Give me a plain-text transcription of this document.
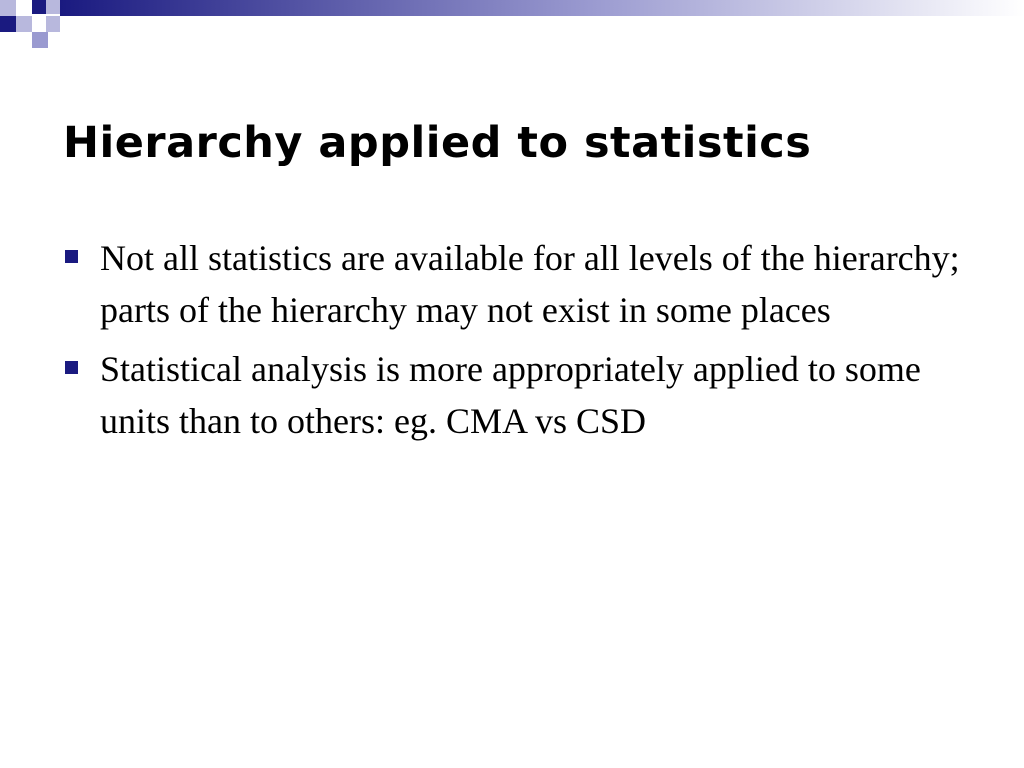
Hierarchy applied to statistics
Not all statistics are available for all levels of the hierarchy; parts of the hierarchy may not exist in some places
Statistical analysis is more appropriately applied to some units than to others: eg. CMA vs CSD
